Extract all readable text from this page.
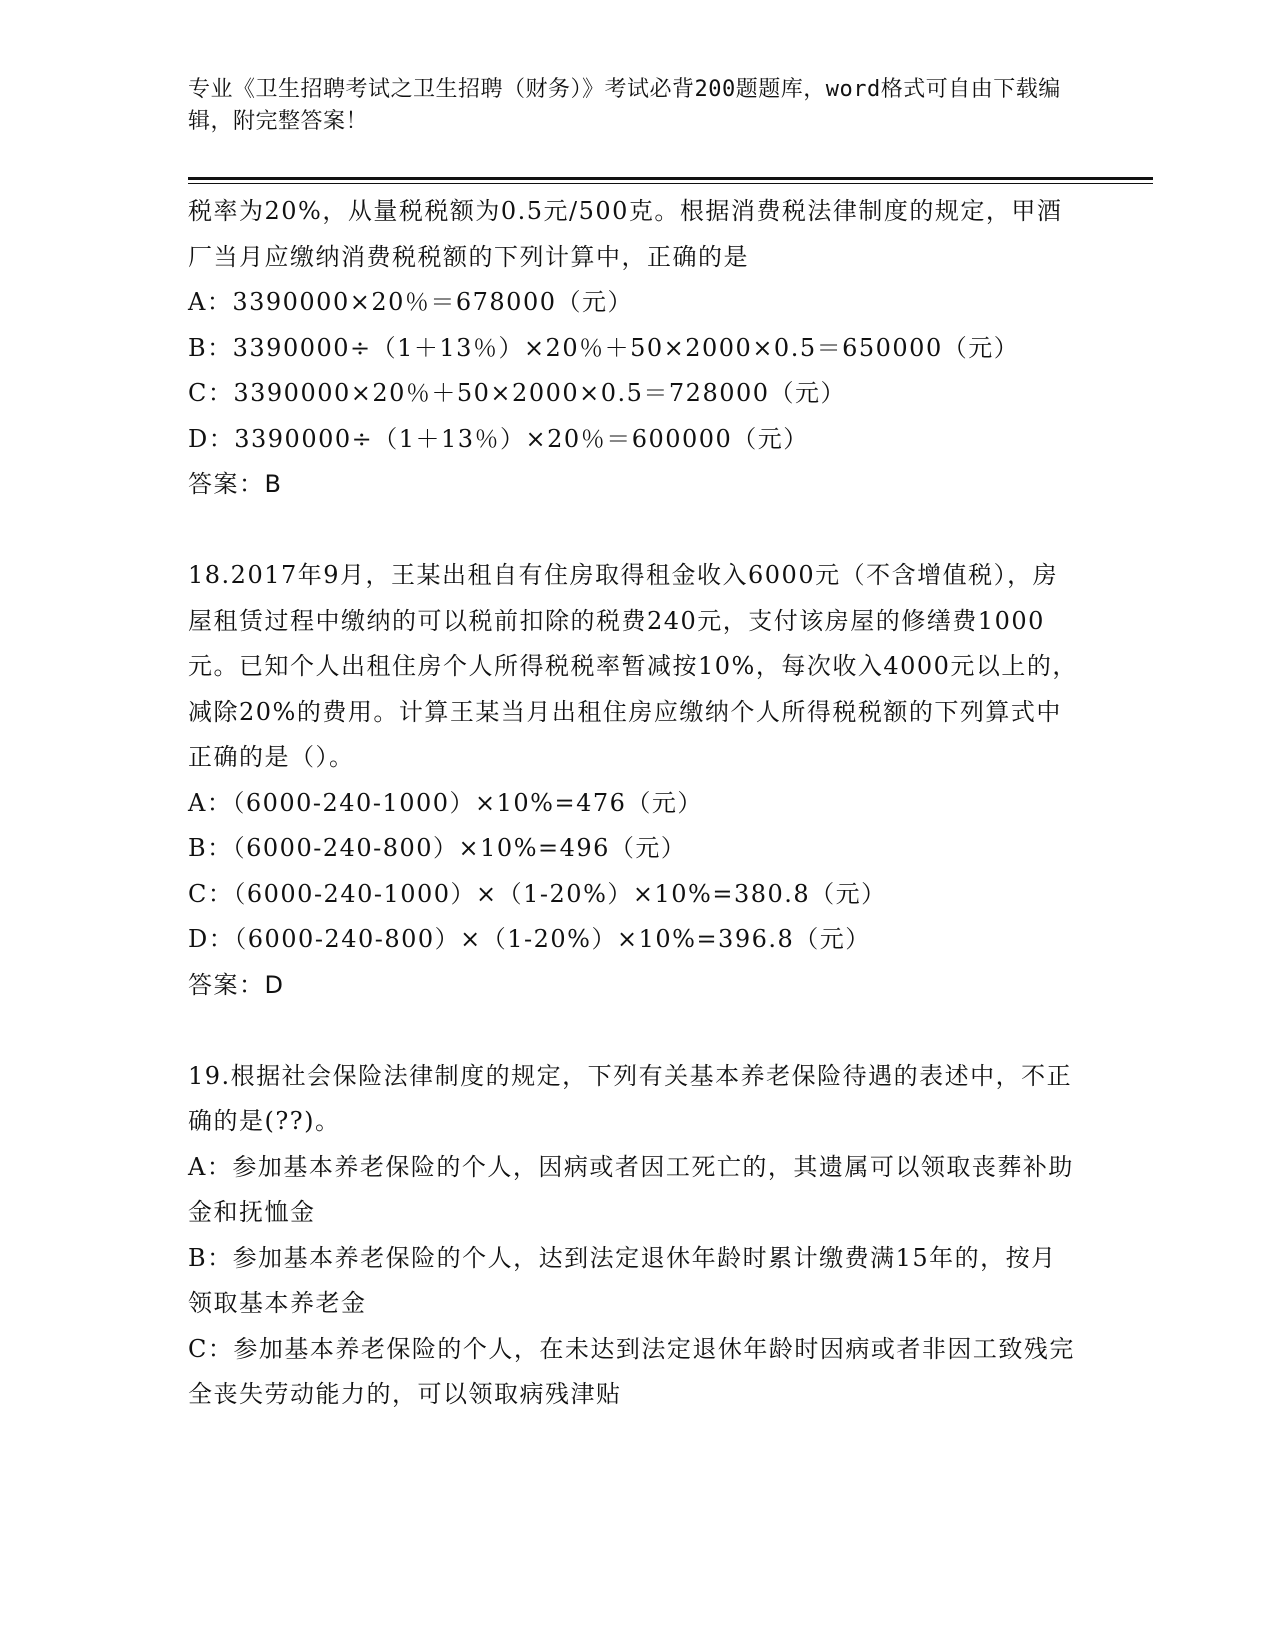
专业《卫生招聘考试之卫生招聘（财务）》考试必背200题题库，word格式可自由下载编辑，附完整答案！

税率为20%，从量税税额为0.5元/500克。根据消费税法律制度的规定，甲酒厂当月应缴纳消费税税额的下列计算中，正确的是

A：3390000×20％＝678000（元）

B：3390000÷（1＋13％）×20％＋50×2000×0.5＝650000（元）

C：3390000×20％＋50×2000×0.5＝728000（元）

D：3390000÷（1＋13％）×20％＝600000（元）

答案：B

18.2017年9月，王某出租自有住房取得租金收入6000元（不含增值税），房屋租赁过程中缴纳的可以税前扣除的税费240元，支付该房屋的修缮费1000元。已知个人出租住房个人所得税税率暂减按10%，每次收入4000元以上的，减除20%的费用。计算王某当月出租住房应缴纳个人所得税税额的下列算式中正确的是（）。

A：（6000-240-1000）×10%=476（元）

B：（6000-240-800）×10%=496（元）

C：（6000-240-1000）×（1-20%）×10%=380.8（元）

D：（6000-240-800）×（1-20%）×10%=396.8（元）

答案：D

19.根据社会保险法律制度的规定，下列有关基本养老保险待遇的表述中，不正确的是(??)。

A：参加基本养老保险的个人，因病或者因工死亡的，其遗属可以领取丧葬补助金和抚恤金

B：参加基本养老保险的个人，达到法定退休年龄时累计缴费满15年的，按月领取基本养老金

C：参加基本养老保险的个人，在未达到法定退休年龄时因病或者非因工致残完全丧失劳动能力的，可以领取病残津贴
